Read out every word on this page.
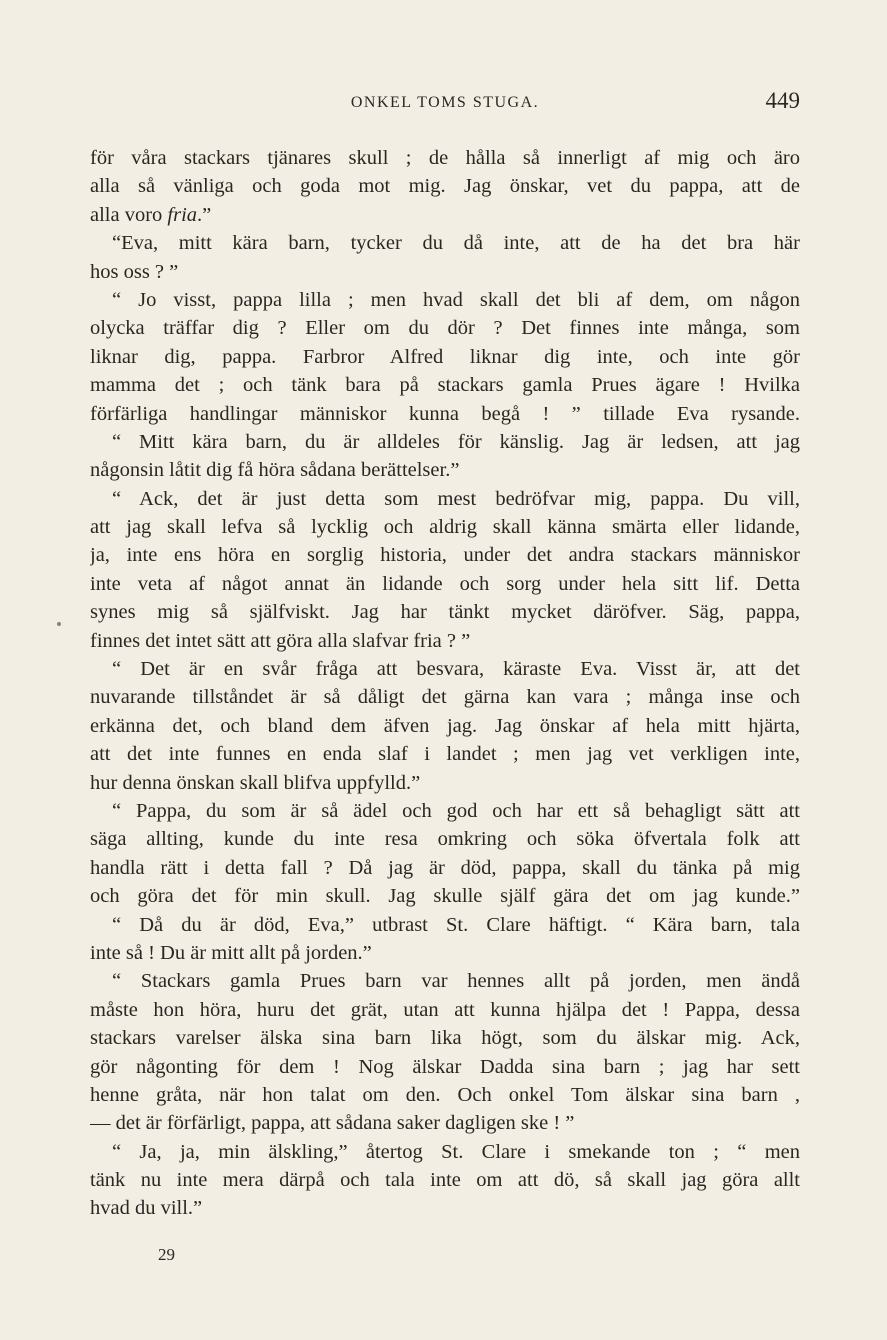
ONKEL TOMS STUGA.	449
för våra stackars tjänares skull ; de hålla så innerligt af mig och äro
alla så vänliga och goda mot mig. Jag önskar, vet du pappa, att de
alla voro fria.”
“Eva, mitt kära barn, tycker du då inte, att de ha det bra här
hos oss ? ”
“ Jo visst, pappa lilla ; men hvad skall det bli af dem, om någon
olycka träffar dig ? Eller om du dör ? Det finnes inte många, som
liknar dig, pappa. Farbror Alfred liknar dig inte, och inte gör
mamma det ; och tänk bara på stackars gamla Prues ägare ! Hvilka
förfärliga handlingar människor kunna begå ! ” tillade Eva rysande.
“ Mitt kära barn, du är alldeles för känslig. Jag är ledsen, att jag
någonsin låtit dig få höra sådana berättelser.”
“ Ack, det är just detta som mest bedröfvar mig, pappa. Du vill,
att jag skall lefva så lycklig och aldrig skall känna smärta eller lidande,
ja, inte ens höra en sorglig historia, under det andra stackars människor
inte veta af något annat än lidande och sorg under hela sitt lif. Detta
synes mig så själfviskt. Jag har tänkt mycket däröfver. Säg, pappa,
finnes det intet sätt att göra alla slafvar fria ? ”
“ Det är en svår fråga att besvara, käraste Eva. Visst är, att det
nuvarande tillståndet är så dåligt det gärna kan vara ; många inse och
erkänna det, och bland dem äfven jag. Jag önskar af hela mitt hjärta,
att det inte funnes en enda slaf i landet ; men jag vet verkligen inte,
hur denna önskan skall blifva uppfylld.”
“ Pappa, du som är så ädel och god och har ett så behagligt sätt att
säga allting, kunde du inte resa omkring och söka öfvertala folk att
handla rätt i detta fall ? Då jag är död, pappa, skall du tänka på mig
och göra det för min skull. Jag skulle själf gära det om jag kunde.”
“ Då du är död, Eva,” utbrast St. Clare häftigt. “ Kära barn, tala
inte så ! Du är mitt allt på jorden.”
“ Stackars gamla Prues barn var hennes allt på jorden, men ändå
måste hon höra, huru det grät, utan att kunna hjälpa det ! Pappa, dessa
stackars varelser älska sina barn lika högt, som du älskar mig. Ack,
gör någonting för dem ! Nog älskar Dadda sina barn ; jag har sett
henne gråta, när hon talat om den. Och onkel Tom älskar sina barn ,
— det är förfärligt, pappa, att sådana saker dagligen ske ! ”
“ Ja, ja, min älskling,” återtog St. Clare i smekande ton ; “ men
tänk nu inte mera därpå och tala inte om att dö, så skall jag göra allt
hvad du vill.”
29
